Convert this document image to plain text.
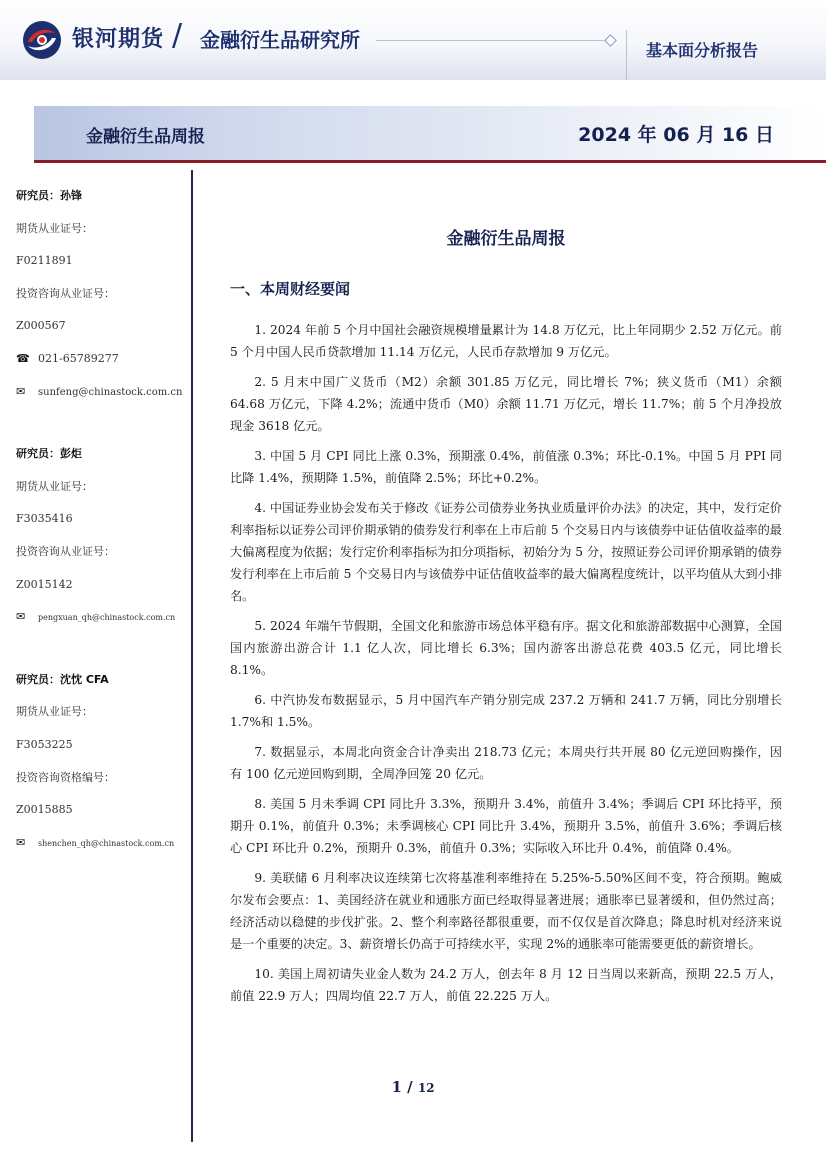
银河期货 / 金融衍生品研究所	基本面分析报告
金融衍生品周报	2024 年 06 月 16 日
研究员：孙锋
期货从业证号：
F0211891
投资咨询从业证号：
Z000567
☎ 021-65789277
✉ sunfeng@chinastock.com.cn
研究员：彭炬
期货从业证号：
F3035416
投资咨询从业证号：
Z0015142
✉ pengxuan_qh@chinastock.com.cn
研究员：沈忱 CFA
期货从业证号：
F3053225
投资咨询资格编号：
Z0015885
✉ shenchen_qh@chinastock.com.cn
金融衍生品周报
一、本周财经要闻

1. 2024 年前 5 个月中国社会融资规模增量累计为 14.8 万亿元，比上年同期少 2.52 万亿元。前 5 个月中国人民币贷款增加 11.14 万亿元，人民币存款增加 9 万亿元。

2. 5 月末中国广义货币（M2）余额 301.85 万亿元，同比增长 7%；狭义货币（M1）余额 64.68 万亿元，下降 4.2%；流通中货币（M0）余额 11.71 万亿元，增长 11.7%；前 5 个月净投放现金 3618 亿元。

3. 中国 5 月 CPI 同比上涨 0.3%，预期涨 0.4%，前值涨 0.3%；环比-0.1%。中国 5 月 PPI 同比降 1.4%，预期降 1.5%，前值降 2.5%；环比+0.2%。

4. 中国证券业协会发布关于修改《证券公司债券业务执业质量评价办法》的决定，其中，发行定价利率指标以证券公司评价期承销的债券发行利率在上市后前 5 个交易日内与该债券中证估值收益率的最大偏离程度为依据；发行定价利率指标为扣分项指标，初始分为 5 分，按照证券公司评价期承销的债券发行利率在上市后前 5 个交易日内与该债券中证估值收益率的最大偏离程度统计，以平均值从大到小排名。

5. 2024 年端午节假期，全国文化和旅游市场总体平稳有序。据文化和旅游部数据中心测算，全国国内旅游出游合计 1.1 亿人次，同比增长 6.3%；国内游客出游总花费 403.5 亿元，同比增长 8.1%。

6. 中汽协发布数据显示，5 月中国汽车产销分别完成 237.2 万辆和 241.7 万辆，同比分别增长 1.7%和 1.5%。

7. 数据显示，本周北向资金合计净卖出 218.73 亿元；本周央行共开展 80 亿元逆回购操作，因有 100 亿元逆回购到期，全周净回笼 20 亿元。

8. 美国 5 月未季调 CPI 同比升 3.3%，预期升 3.4%，前值升 3.4%；季调后 CPI 环比持平，预期升 0.1%，前值升 0.3%；未季调核心 CPI 同比升 3.4%，预期升 3.5%，前值升 3.6%；季调后核心 CPI 环比升 0.2%，预期升 0.3%，前值升 0.3%；实际收入环比升 0.4%，前值降 0.4%。

9. 美联储 6 月利率决议连续第七次将基准利率维持在 5.25%-5.50%区间不变，符合预期。鲍威尔发布会要点：1、美国经济在就业和通胀方面已经取得显著进展；通胀率已显著缓和，但仍然过高；经济活动以稳健的步伐扩张。2、整个利率路径都很重要，而不仅仅是首次降息；降息时机对经济来说是一个重要的决定。3、薪资增长仍高于可持续水平，实现 2%的通胀率可能需要更低的薪资增长。

10. 美国上周初请失业金人数为 24.2 万人，创去年 8 月 12 日当周以来新高，预期 22.5 万人，前值 22.9 万人；四周均值 22.7 万人，前值 22.225 万人。

1 / 12
